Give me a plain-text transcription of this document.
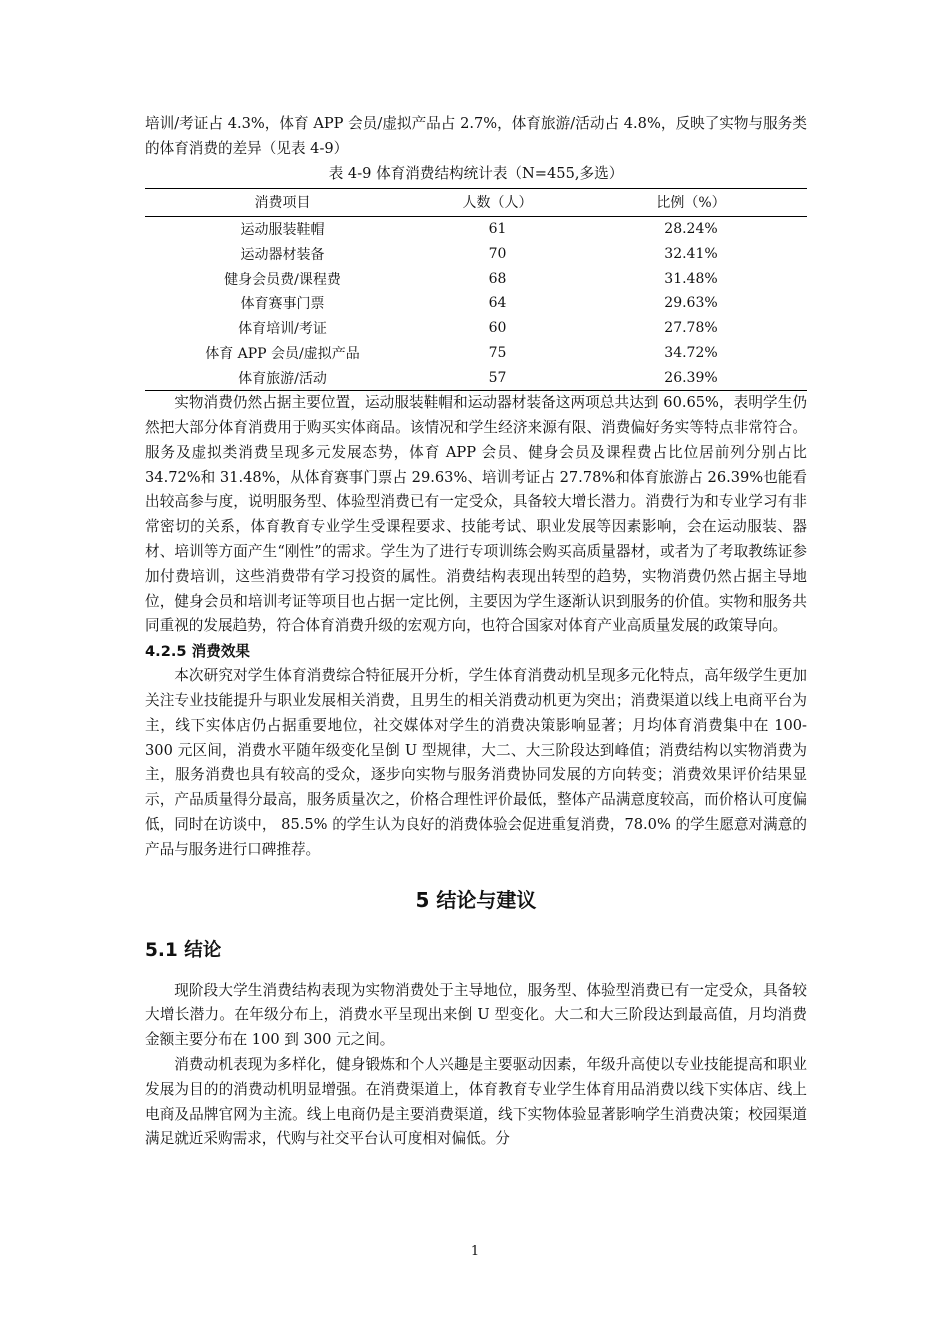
培训/考证占 4.3%，体育 APP 会员/虚拟产品占 2.7%，体育旅游/活动占 4.8%，反映了实物与服务类的体育消费的差异（见表 4-9）

表 4-9 体育消费结构统计表（N=455,多选）
消费项目	人数（人）	比例（%）
运动服装鞋帽	61	28.24%
运动器材装备	70	32.41%
健身会员费/课程费	68	31.48%
体育赛事门票	64	29.63%
体育培训/考证	60	27.78%
体育 APP 会员/虚拟产品	75	34.72%
体育旅游/活动	57	26.39%

实物消费仍然占据主要位置，运动服装鞋帽和运动器材装备这两项总共达到 60.65%，表明学生仍然把大部分体育消费用于购买实体商品。该情况和学生经济来源有限、消费偏好务实等特点非常符合。服务及虚拟类消费呈现多元发展态势，体育 APP 会员、健身会员及课程费占比位居前列分别占比 34.72%和 31.48%，从体育赛事门票占 29.63%、培训考证占 27.78%和体育旅游占 26.39%也能看出较高参与度，说明服务型、体验型消费已有一定受众，具备较大增长潜力。消费行为和专业学习有非常密切的关系，体育教育专业学生受课程要求、技能考试、职业发展等因素影响，会在运动服装、器材、培训等方面产生“刚性”的需求。学生为了进行专项训练会购买高质量器材，或者为了考取教练证参加付费培训，这些消费带有学习投资的属性。消费结构表现出转型的趋势，实物消费仍然占据主导地位，健身会员和培训考证等项目也占据一定比例，主要因为学生逐渐认识到服务的价值。实物和服务共同重视的发展趋势，符合体育消费升级的宏观方向，也符合国家对体育产业高质量发展的政策导向。

4.2.5 消费效果

本次研究对学生体育消费综合特征展开分析，学生体育消费动机呈现多元化特点，高年级学生更加关注专业技能提升与职业发展相关消费，且男生的相关消费动机更为突出；消费渠道以线上电商平台为主，线下实体店仍占据重要地位，社交媒体对学生的消费决策影响显著；月均体育消费集中在 100-300 元区间，消费水平随年级变化呈倒 U 型规律，大二、大三阶段达到峰值；消费结构以实物消费为主，服务消费也具有较高的受众，逐步向实物与服务消费协同发展的方向转变；消费效果评价结果显示，产品质量得分最高，服务质量次之，价格合理性评价最低，整体产品满意度较高，而价格认可度偏低，同时在访谈中， 85.5% 的学生认为良好的消费体验会促进重复消费，78.0% 的学生愿意对满意的产品与服务进行口碑推荐。

5 结论与建议
5.1 结论

现阶段大学生消费结构表现为实物消费处于主导地位，服务型、体验型消费已有一定受众，具备较大增长潜力。在年级分布上，消费水平呈现出来倒 U 型变化。大二和大三阶段达到最高值，月均消费金额主要分布在 100 到 300 元之间。

消费动机表现为多样化，健身锻炼和个人兴趣是主要驱动因素，年级升高使以专业技能提高和职业发展为目的的消费动机明显增强。在消费渠道上，体育教育专业学生体育用品消费以线下实体店、线上电商及品牌官网为主流。线上电商仍是主要消费渠道，线下实物体验显著影响学生消费决策；校园渠道满足就近采购需求，代购与社交平台认可度相对偏低。分

1
